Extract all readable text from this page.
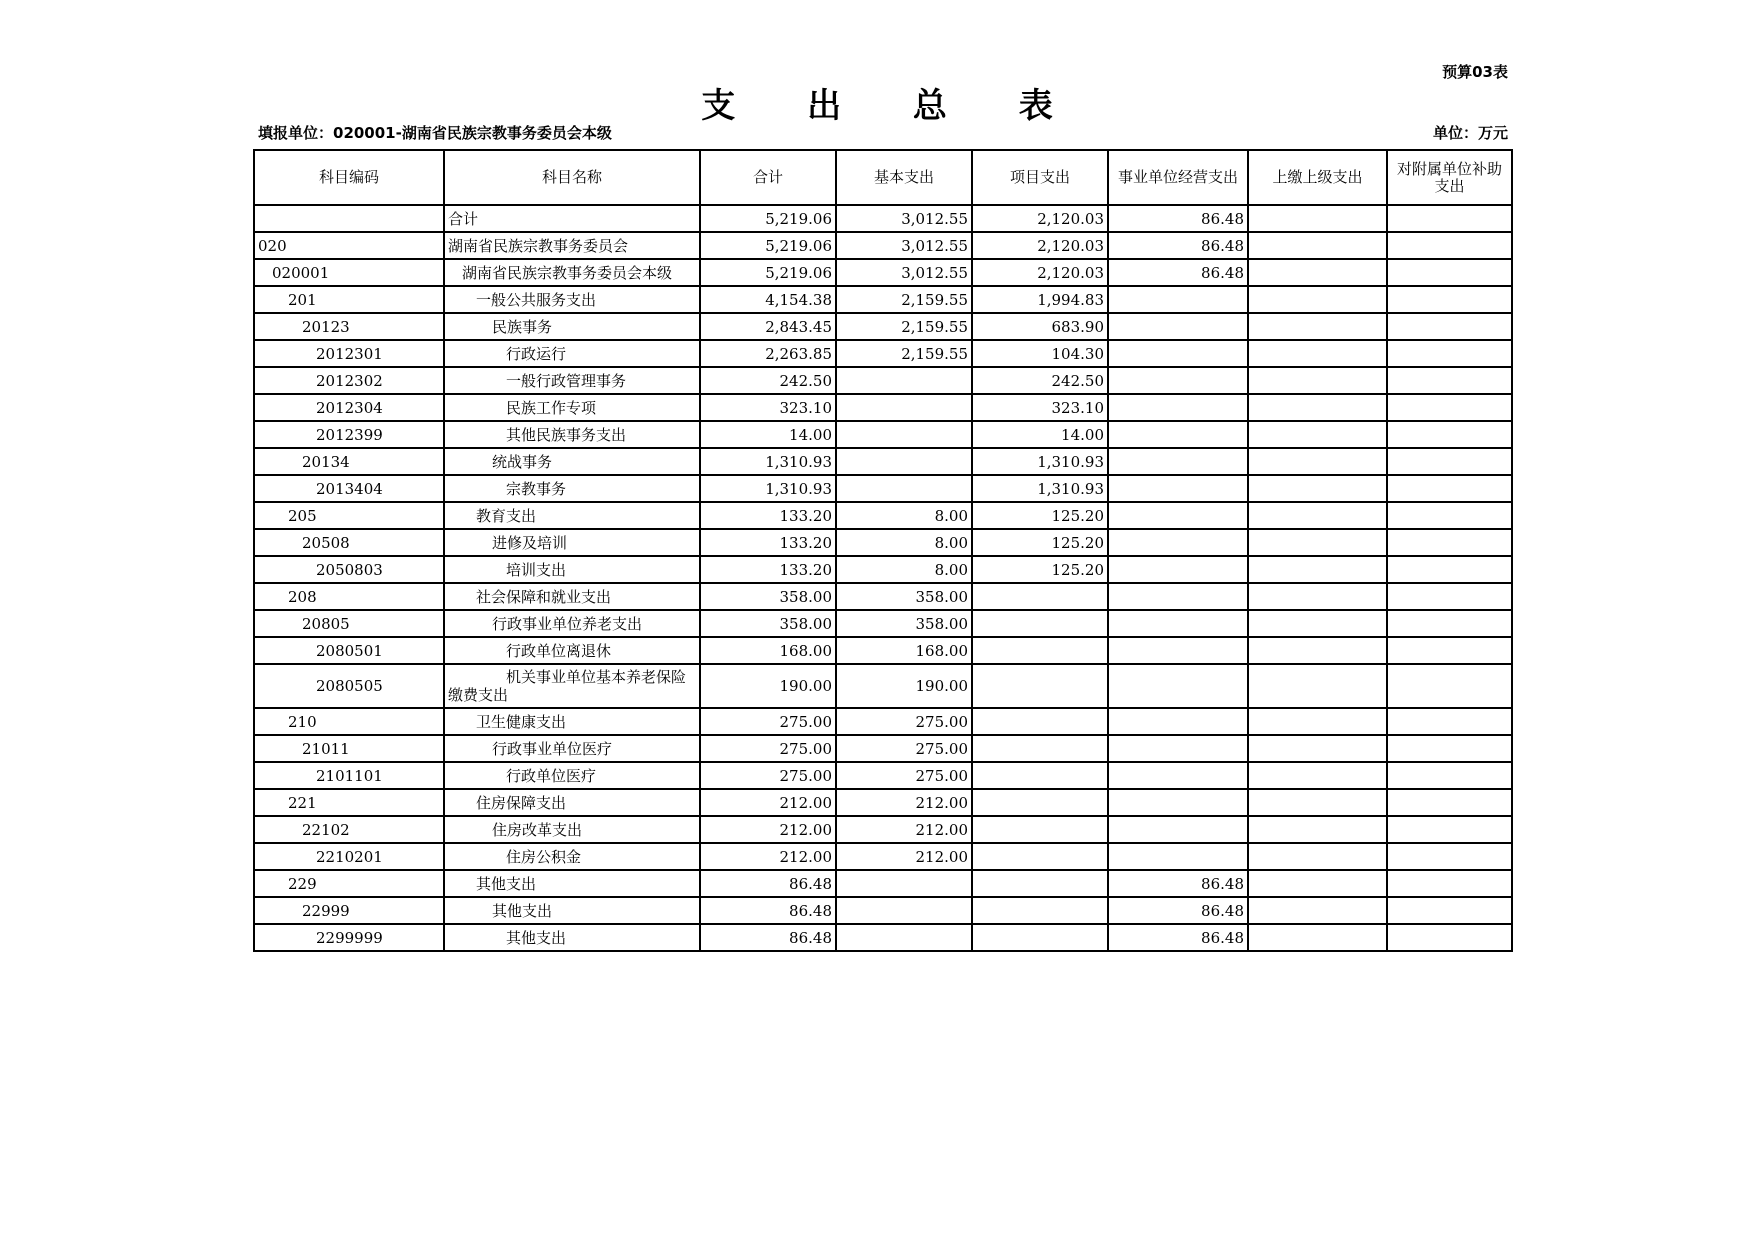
预算03表
支 出 总 表
填报单位：020001-湖南省民族宗教事务委员会本级	单位：万元
科目编码	科目名称	合计	基本支出	项目支出	事业单位经营支出	上缴上级支出	对附属单位补助支出
	合计	5,219.06	3,012.55	2,120.03	86.48		
020	湖南省民族宗教事务委员会	5,219.06	3,012.55	2,120.03	86.48		
020001	湖南省民族宗教事务委员会本级	5,219.06	3,012.55	2,120.03	86.48		
201	一般公共服务支出	4,154.38	2,159.55	1,994.83			
20123	民族事务	2,843.45	2,159.55	683.90			
2012301	行政运行	2,263.85	2,159.55	104.30			
2012302	一般行政管理事务	242.50		242.50			
2012304	民族工作专项	323.10		323.10			
2012399	其他民族事务支出	14.00		14.00			
20134	统战事务	1,310.93		1,310.93			
2013404	宗教事务	1,310.93		1,310.93			
205	教育支出	133.20	8.00	125.20			
20508	进修及培训	133.20	8.00	125.20			
2050803	培训支出	133.20	8.00	125.20			
208	社会保障和就业支出	358.00	358.00				
20805	行政事业单位养老支出	358.00	358.00				
2080501	行政单位离退休	168.00	168.00				
2080505	机关事业单位基本养老保险缴费支出	190.00	190.00				
210	卫生健康支出	275.00	275.00				
21011	行政事业单位医疗	275.00	275.00				
2101101	行政单位医疗	275.00	275.00				
221	住房保障支出	212.00	212.00				
22102	住房改革支出	212.00	212.00				
2210201	住房公积金	212.00	212.00				
229	其他支出	86.48			86.48		
22999	其他支出	86.48			86.48		
2299999	其他支出	86.48			86.48		
